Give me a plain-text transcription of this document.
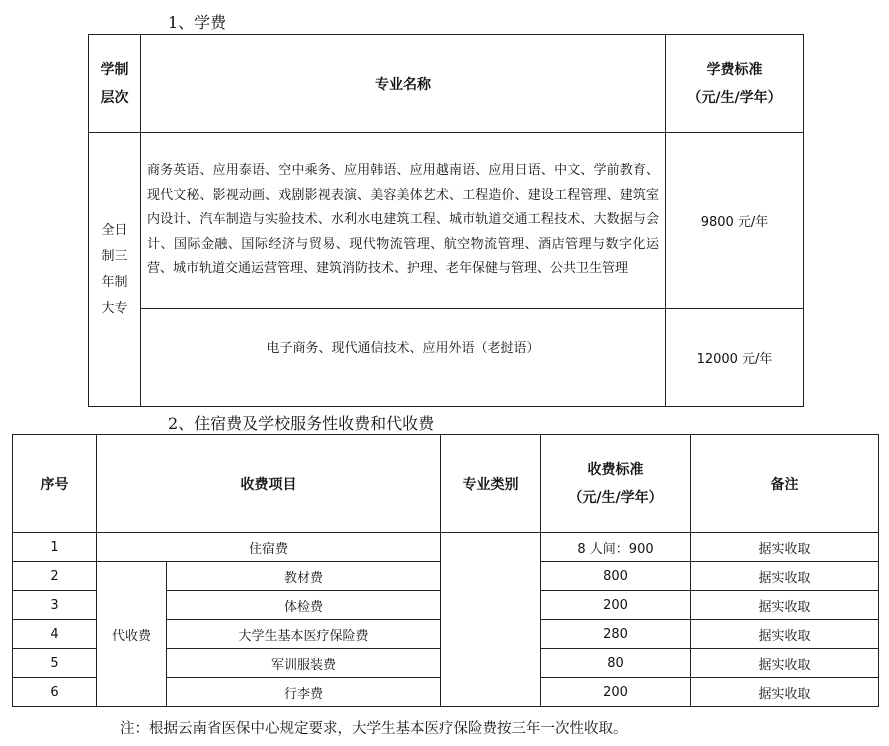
1、学费
学制
层次	专业名称	学费标准
（元/生/学年）
全日
制三
年制
大专	商务英语、应用泰语、空中乘务、应用韩语、应用越南语、应用日语、中文、学前教育、现代文秘、影视动画、戏剧影视表演、美容美体艺术、工程造价、建设工程管理、建筑室内设计、汽车制造与实验技术、水利水电建筑工程、城市轨道交通工程技术、大数据与会计、国际金融、国际经济与贸易、现代物流管理、航空物流管理、酒店管理与数字化运营、城市轨道交通运营管理、建筑消防技术、护理、老年保健与管理、公共卫生管理	9800 元/年
	电子商务、现代通信技术、应用外语（老挝语）	12000 元/年
2、住宿费及学校服务性收费和代收费
序号	收费项目		专业类别	收费标准
（元/生/学年）	备注
1	住宿费			8 人间：900	据实收取
2	代收费	教材费		800	据实收取
3		体检费		200	据实收取
4		大学生基本医疗保险费		280	据实收取
5		军训服装费		80	据实收取
6		行李费		200	据实收取
注：根据云南省医保中心规定要求，大学生基本医疗保险费按三年一次性收取。
